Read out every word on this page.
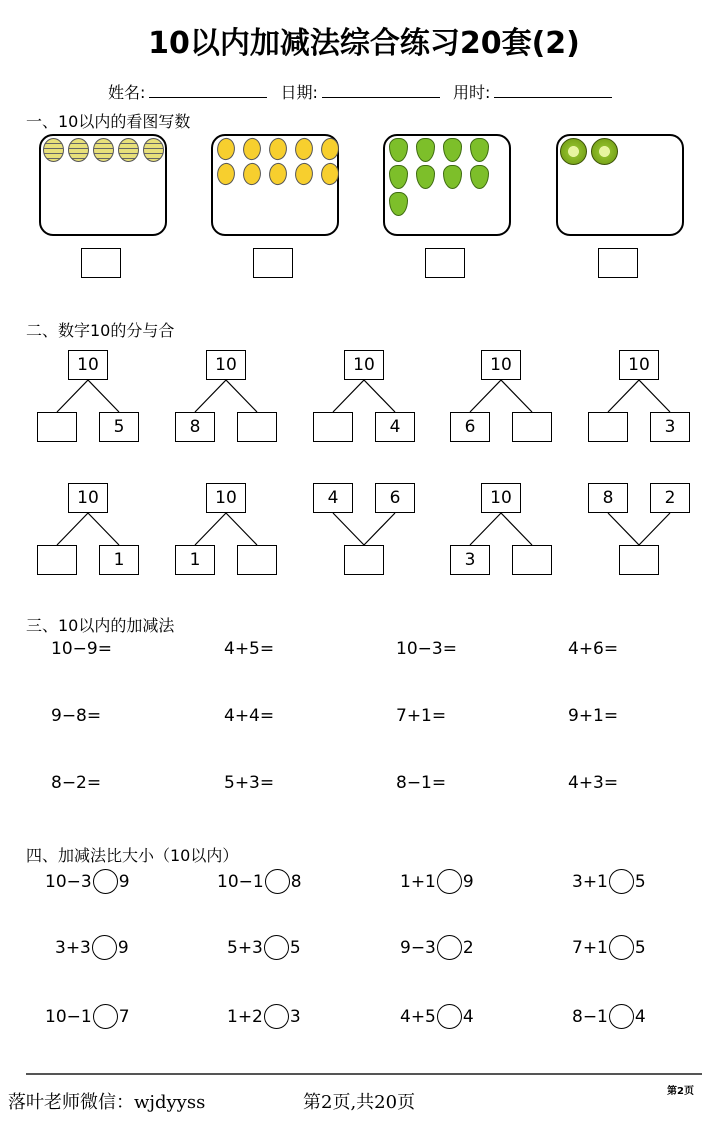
10以内加减法综合练习20套(2)
姓名:	日期:	用时:
一、10以内的看图写数
二、数字10的分与合
10
5
10
8
10
4
10
6
10
3
10
1
10
1
4	6	10
3
8	2
三、10以内的加减法
10−9=	4+5=	10−3=	4+6=
9−8=	4+4=	7+1=	9+1=
8−2=	5+3=	8−1=	4+3=
四、加减法比大小（10以内）
10−3 9	10−1 8	1+1 9	3+1 5
3+3 9	5+3 5	9−3 2	7+1 5
10−1 7	1+2 3	4+5 4	8−1 4
落叶老师微信：wjdyyss	第2页,共20页
第2页
